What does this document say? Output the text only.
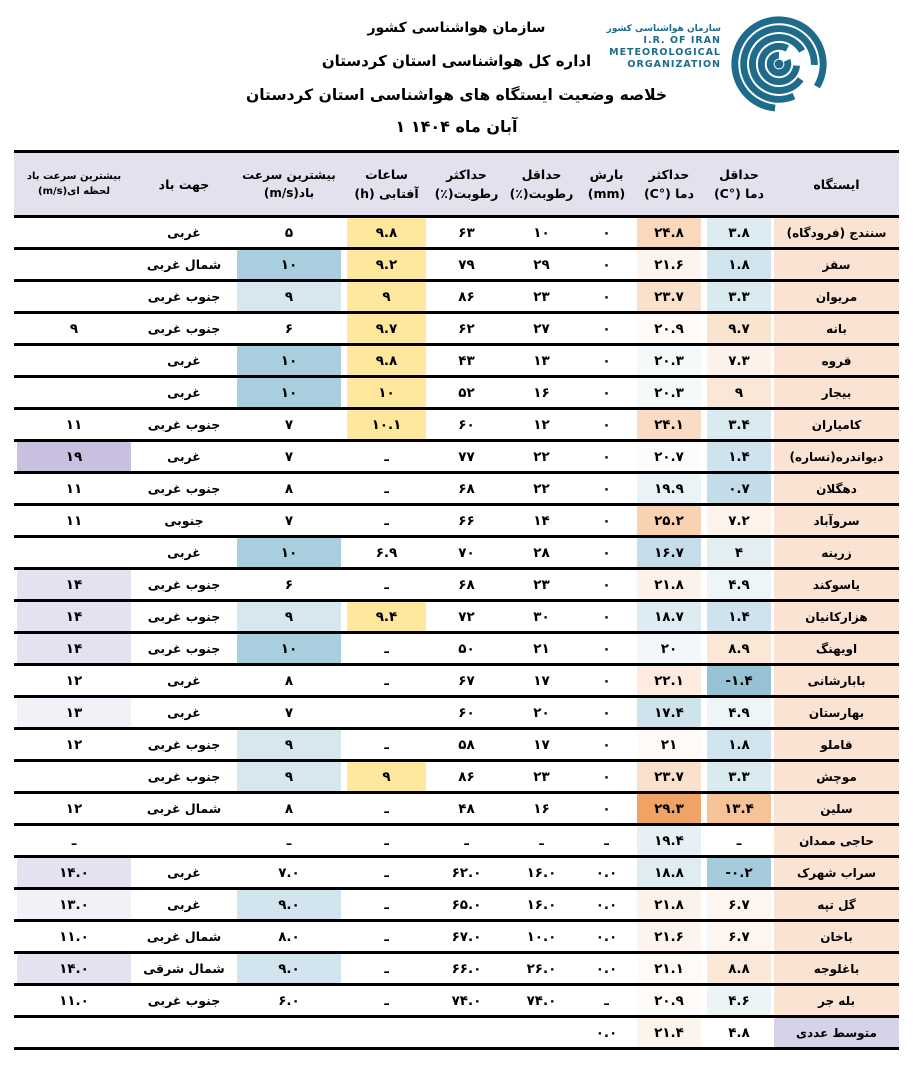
سازمان هواشناسی کشور
I.R. OF IRAN
METEOROLOGICAL
ORGANIZATION
سازمان هواشناسی کشور
اداره کل هواشناسی استان کردستان
خلاصه وضعیت ایستگاه های هواشناسی استان کردستان
۱ آبان ماه ۱۴۰۴
ایستگاه

حداقل
دما (°C)

حداکثر
دما (°C)

بارش
(mm)

حداقل
رطوبت(٪)

حداکثر
رطوبت(٪)

ساعات
آفتابی (h)

بیشترین سرعت
باد(m/s)

جهت باد

بیشترین سرعت باد
لحظه ای(m/s)

سنندج (فرودگاه)	۳.۸	۲۴.۸	۰	۱۰	۶۳	۹.۸	۵	غربی	

سقز	۱.۸	۲۱.۶	۰	۲۹	۷۹	۹.۲	۱۰	شمال غربی	

مریوان	۳.۳	۲۳.۷	۰	۲۳	۸۶	۹	۹	جنوب غربی	

بانه	۹.۷	۲۰.۹	۰	۲۷	۶۲	۹.۷	۶	جنوب غربی	۹

قروه	۷.۳	۲۰.۳	۰	۱۳	۴۳	۹.۸	۱۰	غربی	

بیجار	۹	۲۰.۳	۰	۱۶	۵۲	۱۰	۱۰	غربی	

کامیاران	۳.۴	۲۴.۱	۰	۱۲	۶۰	۱۰.۱	۷	جنوب غربی	۱۱

دیواندره(نساره)	۱.۴	۲۰.۷	۰	۲۲	۷۷	ـ	۷	غربی	۱۹

دهگلان	۰.۷	۱۹.۹	۰	۲۲	۶۸	ـ	۸	جنوب غربی	۱۱

سروآباد	۷.۲	۲۵.۲	۰	۱۴	۶۶	ـ	۷	جنوبی	۱۱

زرینه	۴	۱۶.۷	۰	۲۸	۷۰	۶.۹	۱۰	غربی	

یاسوکند	۴.۹	۲۱.۸	۰	۲۳	۶۸	ـ	۶	جنوب غربی	۱۴

هزارکانیان	۱.۴	۱۸.۷	۰	۳۰	۷۲	۹.۴	۹	جنوب غربی	۱۴

اویهنگ	۸.۹	۲۰	۰	۲۱	۵۰	ـ	۱۰	جنوب غربی	۱۴

بابارشانی	-۱.۴	۲۲.۱	۰	۱۷	۶۷	ـ	۸	غربی	۱۲

بهارستان	۴.۹	۱۷.۴	۰	۲۰	۶۰		۷	غربی	۱۳

قاملو	۱.۸	۲۱	۰	۱۷	۵۸	ـ	۹	جنوب غربی	۱۲

موچش	۳.۳	۲۳.۷	۰	۲۳	۸۶	۹	۹	جنوب غربی	

سلین	۱۳.۴	۲۹.۳	۰	۱۶	۴۸	ـ	۸	شمال غربی	۱۲

حاجی ممدان	ـ	۱۹.۴	ـ	ـ	ـ	ـ	ـ		ـ

سراب شهرک	-۰.۲	۱۸.۸	۰.۰	۱۶.۰	۶۲.۰	ـ	۷.۰	غربی	۱۴.۰

گل تپه	۶.۷	۲۱.۸	۰.۰	۱۶.۰	۶۵.۰	ـ	۹.۰	غربی	۱۳.۰

باخان	۶.۷	۲۱.۶	۰.۰	۱۰.۰	۶۷.۰	ـ	۸.۰	شمال غربی	۱۱.۰

باغلوجه	۸.۸	۲۱.۱	۰.۰	۲۶.۰	۶۶.۰	ـ	۹.۰	شمال شرقی	۱۴.۰

بله جر	۴.۶	۲۰.۹	ـ	۷۴.۰	۷۴.۰	ـ	۶.۰	جنوب غربی	۱۱.۰

متوسط عددی	۴.۸	۲۱.۴	۰.۰						
